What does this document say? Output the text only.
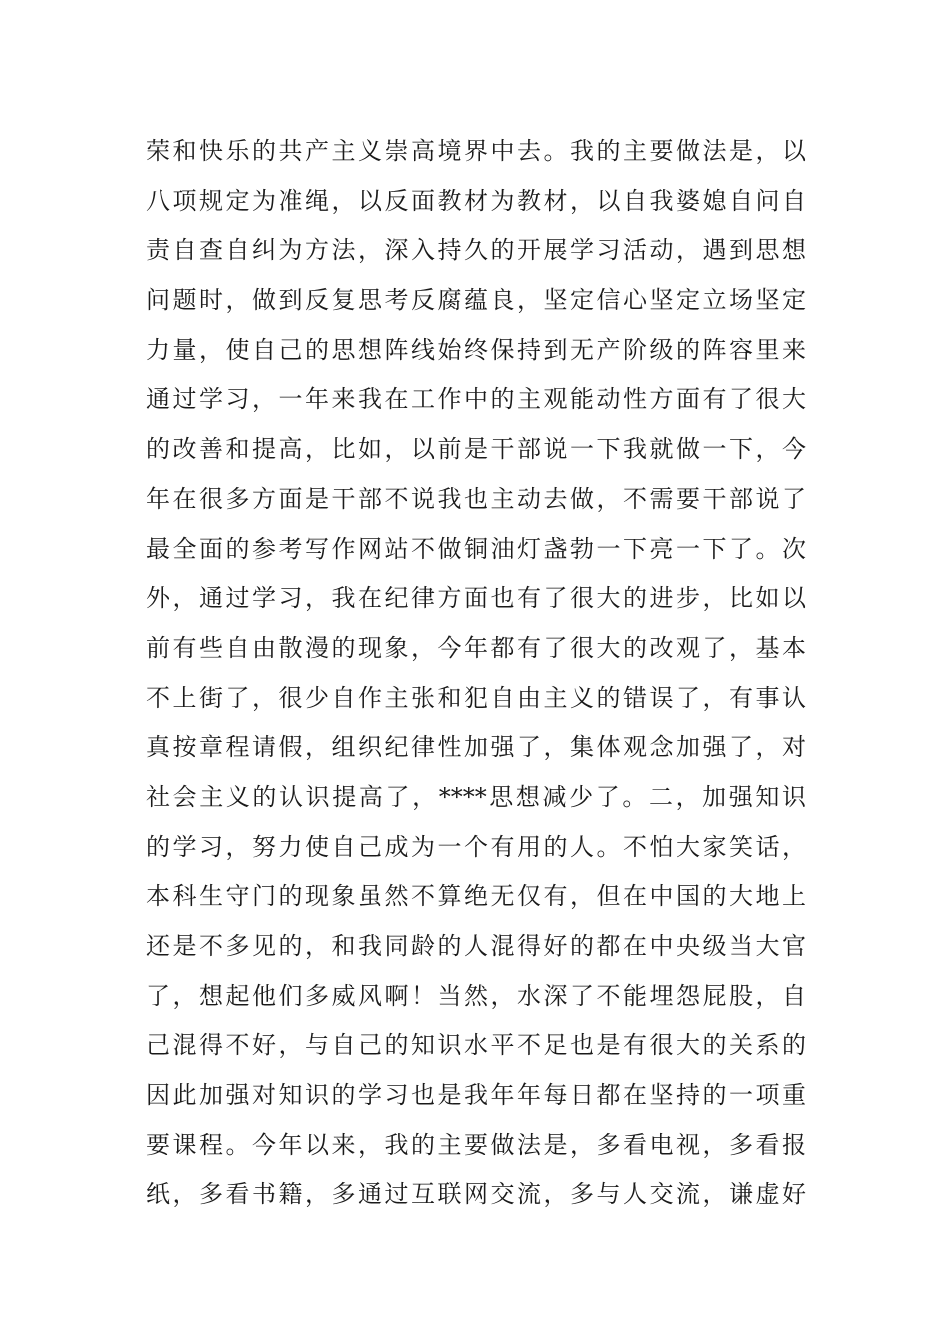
荣和快乐的共产主义崇高境界中去。我的主要做法是，以
八项规定为准绳，以反面教材为教材，以自我婆媳自问自
责自查自纠为方法，深入持久的开展学习活动，遇到思想
问题时，做到反复思考反腐蕴良，坚定信心坚定立场坚定
力量，使自己的思想阵线始终保持到无产阶级的阵容里来
通过学习，一年来我在工作中的主观能动性方面有了很大
的改善和提高，比如，以前是干部说一下我就做一下，今
年在很多方面是干部不说我也主动去做，不需要干部说了
最全面的参考写作网站不做铜油灯盏勃一下亮一下了。次
外，通过学习，我在纪律方面也有了很大的进步，比如以
前有些自由散漫的现象，今年都有了很大的改观了，基本
不上街了，很少自作主张和犯自由主义的错误了，有事认
真按章程请假，组织纪律性加强了，集体观念加强了，对
社会主义的认识提高了，****思想减少了。二，加强知识
的学习，努力使自己成为一个有用的人。不怕大家笑话，
本科生守门的现象虽然不算绝无仅有，但在中国的大地上
还是不多见的，和我同龄的人混得好的都在中央级当大官
了，想起他们多威风啊！当然，水深了不能埋怨屁股，自
己混得不好，与自己的知识水平不足也是有很大的关系的
因此加强对知识的学习也是我年年每日都在坚持的一项重
要课程。今年以来，我的主要做法是，多看电视，多看报
纸，多看书籍，多通过互联网交流，多与人交流，谦虚好
